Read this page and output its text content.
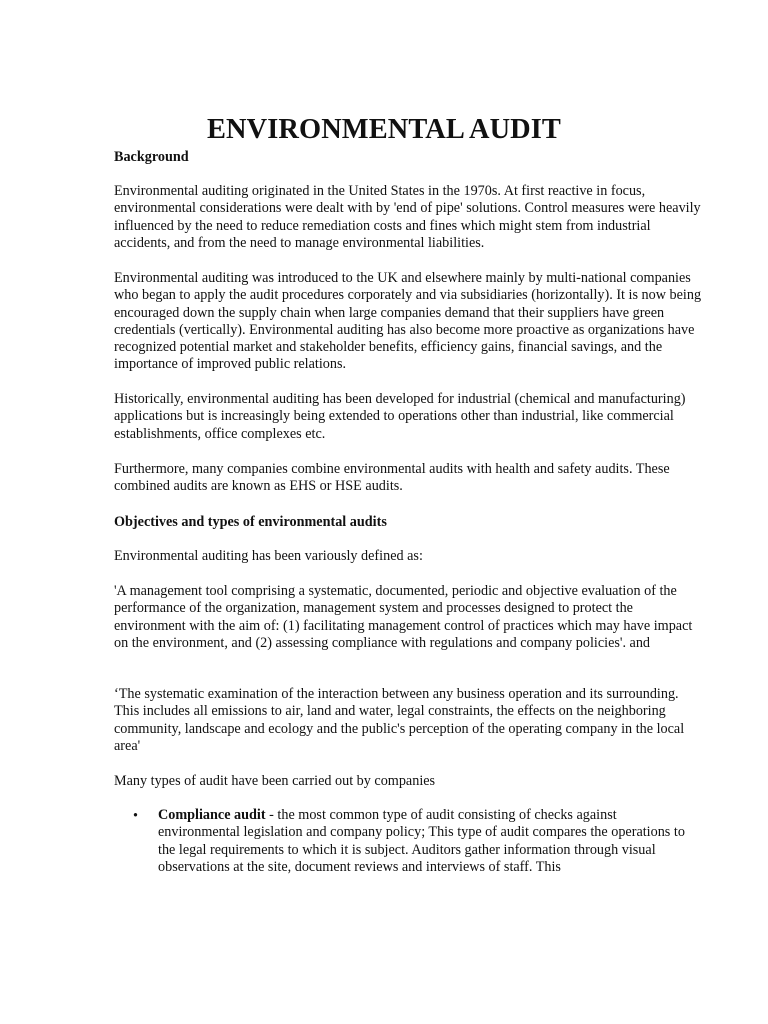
ENVIRONMENTAL AUDIT

Background

Environmental auditing originated in the United States in the 1970s. At first reactive in focus, environmental considerations were dealt with by 'end of pipe' solutions. Control measures were heavily influenced by the need to reduce remediation costs and fines which might stem from industrial accidents, and from the need to manage environmental liabilities.

Environmental auditing was introduced to the UK and elsewhere mainly by multi-national companies who began to apply the audit procedures corporately and via subsidiaries (horizontally). It is now being encouraged down the supply chain when large companies demand that their suppliers have green credentials (vertically). Environmental auditing has also become more proactive as organizations have recognized potential market and stakeholder benefits, efficiency gains, financial savings, and the importance of improved public relations.

Historically, environmental auditing has been developed for industrial (chemical and manufacturing) applications but is increasingly being extended to operations other than industrial, like commercial establishments, office complexes etc.

Furthermore, many companies combine environmental audits with health and safety audits. These combined audits are known as EHS or HSE audits.

Objectives and types of environmental audits

Environmental auditing has been variously defined as:

'A management tool comprising a systematic, documented, periodic and objective evaluation of the performance of the organization, management system and processes designed to protect the environment with the aim of: (1) facilitating management control of practices which may have impact on the environment, and (2) assessing compliance with regulations and company policies'. and

‘The systematic examination of the interaction between any business operation and its surrounding. This includes all emissions to air, land and water, legal constraints, the effects on the neighboring community, landscape and ecology and the public's perception of the operating company in the local area'

Many types of audit have been carried out by companies

• Compliance audit - the most common type of audit consisting of checks against environmental legislation and company policy; This type of audit compares the operations to the legal requirements to which it is subject. Auditors gather information through visual observations at the site, document reviews and interviews of staff. This
